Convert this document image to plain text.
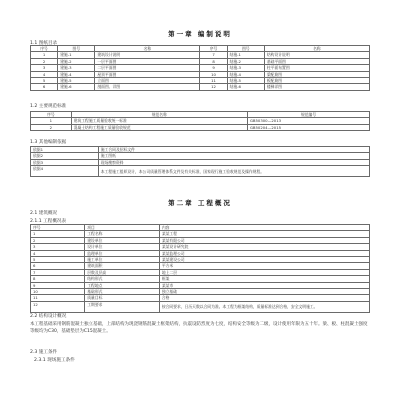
第一章 编制说明
1.1 图纸目录
序号	图号	名称	序号	图号	名称
1	建施-1	建筑设计说明	7	结施-1	结构设计说明
2	建施-2	一层平面图	8	结施-2	基础平面图
3	建施-3	二层平面图	9	结施-3	柱平面布置图
4	建施-4	屋顶平面图	10	结施-4	梁配筋图
5	建施-5	立面图	11	结施-5	板配筋图
6	建施-6	剖面图、详图	12	结施-6	楼梯详图
1.2 主要规范标准
序号	规范名称	规范编号
1	建筑工程施工质量验收统一标准	GB50300—2013
2	混凝土结构工程施工质量验收规范	GB50204—2015
1.3 其他编制依据
依据1	施工合同及招标文件
依据2	施工图纸
依据3	现场勘察资料
依据4	本工程施工组织设计，本公司质量管理体系文件及有关标准，国家现行施工验收规范及操作规程。
第二章 工程概况
2.1 建筑概况
2.1.1 工程概况表
序号	项目	内容
1	工程名称	某某工程
2	建设单位	某某有限公司
3	设计单位	某某设计研究院
4	监理单位	某某监理公司
5	施工单位	某某建设公司
6	建筑面积	平方米
7	层数及层高	地上二层
8	结构形式	框架
9	工程地点	某某市
10	基础形式	独立基础
11	质量目标	合格
12	工期要求	按合同要求，日历天数以合同为准。本工程为框架结构，质量标准达到合格，安全文明施工。
2.2 结构设计概况
本工程基础采用钢筋混凝土独立基础，上部结构为现浇钢筋混凝土框架结构，抗震设防烈度为七度，结构安全等级为二级，设计使用年限为五十年。梁、板、柱混凝土强度等级均为C30，基础垫层为C15混凝土。
2.3 施工条件
2.3.1 现场施工条件
